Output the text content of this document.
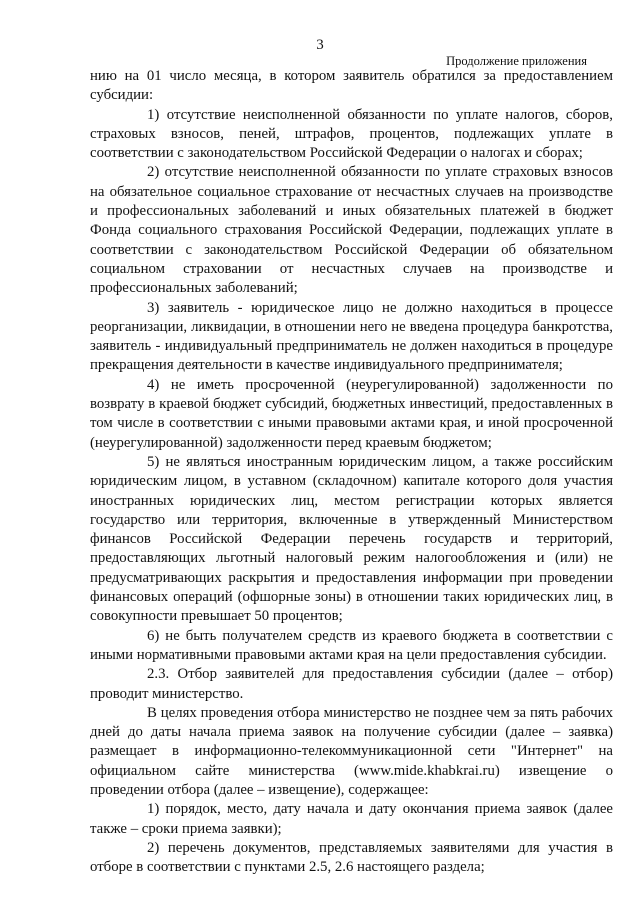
3
Продолжение приложения

нию на 01 число месяца, в котором заявитель обратился за предоставлением субсидии:

1) отсутствие неисполненной обязанности по уплате налогов, сборов, страховых взносов, пеней, штрафов, процентов, подлежащих уплате в соответствии с законодательством Российской Федерации о налогах и сборах;

2) отсутствие неисполненной обязанности по уплате страховых взносов на обязательное социальное страхование от несчастных случаев на производстве и профессиональных заболеваний и иных обязательных платежей в бюджет Фонда социального страхования Российской Федерации, подлежащих уплате в соответствии с законодательством Российской Федерации об обязательном социальном страховании от несчастных случаев на производстве и профессиональных заболеваний;

3) заявитель - юридическое лицо не должно находиться в процессе реорганизации, ликвидации, в отношении него не введена процедура банкротства, заявитель - индивидуальный предприниматель не должен находиться в процедуре прекращения деятельности в качестве индивидуального предпринимателя;

4) не иметь просроченной (неурегулированной) задолженности по возврату в краевой бюджет субсидий, бюджетных инвестиций, предоставленных в том числе в соответствии с иными правовыми актами края, и иной просроченной (неурегулированной) задолженности перед краевым бюджетом;

5) не являться иностранным юридическим лицом, а также российским юридическим лицом, в уставном (складочном) капитале которого доля участия иностранных юридических лиц, местом регистрации которых является государство или территория, включенные в утвержденный Министерством финансов Российской Федерации перечень государств и территорий, предоставляющих льготный налоговый режим налогообложения и (или) не предусматривающих раскрытия и предоставления информации при проведении финансовых операций (офшорные зоны) в отношении таких юридических лиц, в совокупности превышает 50 процентов;

6) не быть получателем средств из краевого бюджета в соответствии с иными нормативными правовыми актами края на цели предоставления субсидии.

2.3. Отбор заявителей для предоставления субсидии (далее – отбор) проводит министерство.

В целях проведения отбора министерство не позднее чем за пять рабочих дней до даты начала приема заявок на получение субсидии (далее – заявка) размещает в информационно-телекоммуникационной сети "Интернет" на официальном сайте министерства (www.mide.khabkrai.ru) извещение о проведении отбора (далее – извещение), содержащее:

1) порядок, место, дату начала и дату окончания приема заявок (далее также – сроки приема заявки);

2) перечень документов, представляемых заявителями для участия в отборе в соответствии с пунктами 2.5, 2.6 настоящего раздела;
